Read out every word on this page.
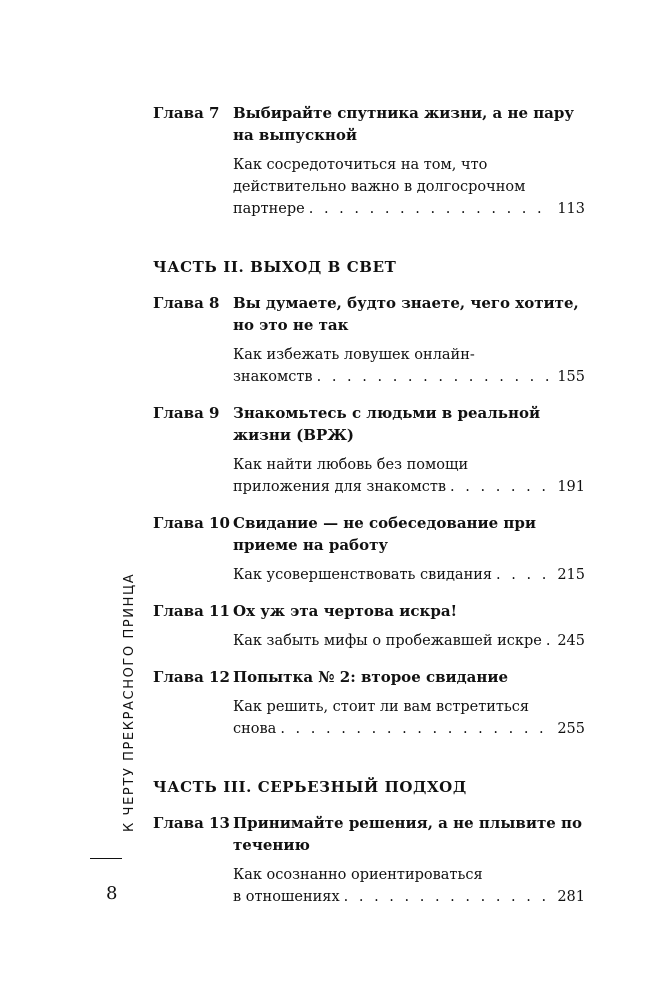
К ЧЕРТУ ПРЕКРАСНОГО ПРИНЦА
8
Глава 7 Выбирайте спутника жизни, а не пару на выпускной
Как сосредоточиться на том, что
действительно важно в долгосрочном
партнере . . .	113
ЧАСТЬ II. ВЫХОД В СВЕТ
Глава 8 Вы думаете, будто знаете, чего хотите, но это не так
Как избежать ловушек онлайн-
знакомств . . .	155
Глава 9 Знакомьтесь с людьми в реальной жизни (ВРЖ)
Как найти любовь без помощи
приложения для знакомств . . .	191
Глава 10 Свидание — не собеседование при приеме на работу
Как усовершенствовать свидания . . .	215
Глава 11 Ох уж эта чертова искра!
Как забыть мифы о пробежавшей искре . . . 245
Глава 12 Попытка № 2: второе свидание
Как решить, стоит ли вам встретиться
снова . . .	255
ЧАСТЬ III. СЕРЬЕЗНЫЙ ПОДХОД
Глава 13 Принимайте решения, а не плывите по течению
Как осознанно ориентироваться
в отношениях . . .	281
